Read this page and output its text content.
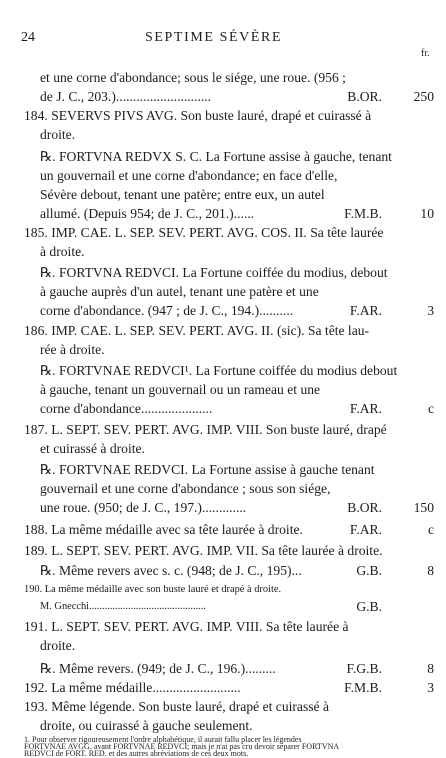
24	SEPTIME SÉVÈRE
fr.
et une corne d'abondance; sous le siége, une roue. (956 ;
de J. C., 203.)............................	B.OR. 250
184. SEVERVS PIVS AVG. Son buste lauré, drapé et cuirassé à
droite.
℞. FORTVNA REDVX S. C. La Fortune assise à gauche, tenant
un gouvernail et une corne d'abondance; en face d'elle,
Sévère debout, tenant une patère; entre eux, un autel
allumé. (Depuis 954; de J. C., 201.)......	F.M.B.	10
185. IMP. CAE. L. SEP. SEV. PERT. AVG. COS. II. Sa tête laurée
à droite.
℞. FORTVNA REDVCI. La Fortune coiffée du modius, debout
à gauche auprès d'un autel, tenant une patère et une
corne d'abondance. (947 ; de J. C., 194.)..........	F.AR.	3
186. IMP. CAE. L. SEP. SEV. PERT. AVG. II. (sic). Sa tête lau-
rée à droite.
℞. FORTVNAE REDVCI¹. La Fortune coiffée du modius debout
à gauche, tenant un gouvernail ou un rameau et une
corne d'abondance.....................	F.AR.	c
187. L. SEPT. SEV. PERT. AVG. IMP. VIII. Son buste lauré, drapé
et cuirassé à droite.
℞. FORTVNAE REDVCI. La Fortune assise à gauche tenant
gouvernail et une corne d'abondance ; sous son siége,
une roue. (950; de J. C., 197.).............	B.OR. 150
188. La même médaille avec sa tête laurée à droite.	F.AR.	c
189. L. SEPT. SEV. PERT. AVG. IMP. VII. Sa tête laurée à droite.
℞. Même revers avec s. c. (948; de J. C., 195)...	G.B.	8
190. La même médaille avec son buste lauré et drapé à droite.
M. Gnecchi.............................................	G.B.
191. L. SEPT. SEV. PERT. AVG. IMP. VIII. Sa tête laurée à
droite.
℞. Même revers. (949; de J. C., 196.).........	F.G.B.	8
192. La même médaille..........................	F.M.B.	3
193. Même légende. Son buste lauré, drapé et cuirassé à
droite, ou cuirassé à gauche seulement.
1. Pour observer rigoureusement l'ordre alphabétique, il aurait fallu placer les légendes
FORTVNAE AVGG. avant FORTVNAE REDVCI; mais je n'ai pas cru devoir séparer FORTVNA
REDVCI de FORT. RED. et des autres abréviations de ces deux mots.
